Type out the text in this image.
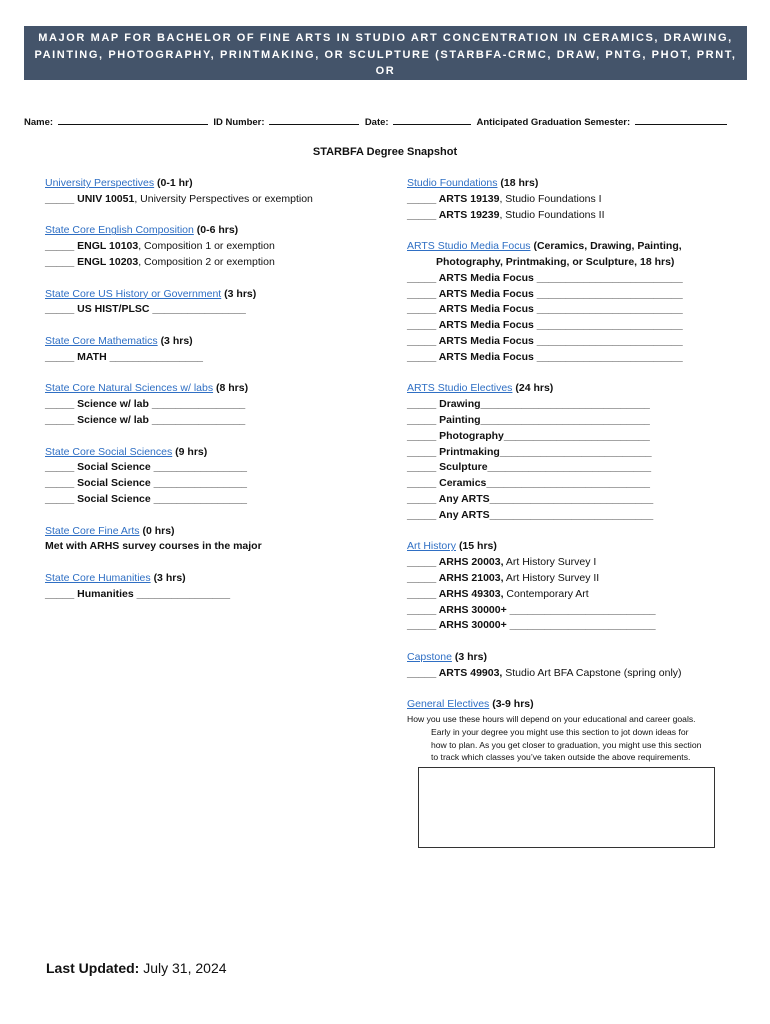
MAJOR MAP FOR BACHELOR OF FINE ARTS IN STUDIO ART CONCENTRATION IN CERAMICS, DRAWING,
PAINTING, PHOTOGRAPHY, PRINTMAKING, OR SCULPTURE (STARBFA-CRMC, DRAW, PNTG, PHOT, PRNT, OR
SCPT) 2018-19 THROUGH 2020-21 CATALOG YEARS
Name:	ID Number:	Date:	Anticipated Graduation Semester:
STARBFA Degree Snapshot
University Perspectives (0-1 hr)
_____ UNIV 10051, University Perspectives or exemption
State Core English Composition (0-6 hrs)
_____ ENGL 10103, Composition 1 or exemption
_____ ENGL 10203, Composition 2 or exemption
State Core US History or Government (3 hrs)
_____ US HIST/PLSC ________________
State Core Mathematics (3 hrs)
_____ MATH ________________
State Core Natural Sciences w/ labs (8 hrs)
_____ Science w/ lab ________________
_____ Science w/ lab ________________
State Core Social Sciences (9 hrs)
_____ Social Science ________________
_____ Social Science ________________
_____ Social Science ________________
State Core Fine Arts (0 hrs)
Met with ARHS survey courses in the major
State Core Humanities (3 hrs)
_____ Humanities ________________
Studio Foundations (18 hrs)
_____ ARTS 19139, Studio Foundations I
_____ ARTS 19239, Studio Foundations II
ARTS Studio Media Focus (Ceramics, Drawing, Painting,
Photography, Printmaking, or Sculpture, 18 hrs)
_____ ARTS Media Focus _________________________
_____ ARTS Media Focus _________________________
_____ ARTS Media Focus _________________________
_____ ARTS Media Focus _________________________
_____ ARTS Media Focus _________________________
_____ ARTS Media Focus _________________________
ARTS Studio Electives (24 hrs)
_____ Drawing_____________________________
_____ Painting_____________________________
_____ Photography_________________________
_____ Printmaking__________________________
_____ Sculpture____________________________
_____ Ceramics____________________________
_____ Any ARTS____________________________
_____ Any ARTS____________________________
Art History (15 hrs)
_____ ARHS 20003, Art History Survey I
_____ ARHS 21003, Art History Survey II
_____ ARHS 49303, Contemporary Art
_____ ARHS 30000+ _________________________
_____ ARHS 30000+ _________________________
Capstone (3 hrs)
_____ ARTS 49903, Studio Art BFA Capstone (spring only)
General Electives (3-9 hrs)
How you use these hours will depend on your educational and career goals.
Early in your degree you might use this section to jot down ideas for
how to plan. As you get closer to graduation, you might use this section
to track which classes you’ve taken outside the above requirements.
Last Updated: July 31, 2024
